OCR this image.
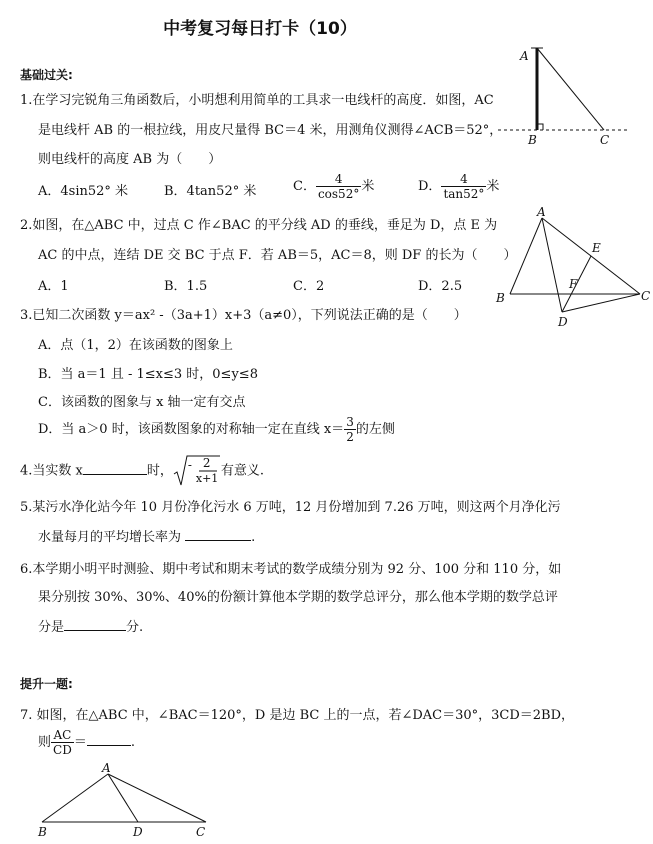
中考复习每日打卡（10）
基础过关:
1.在学习完锐角三角函数后，小明想利用简单的工具求一电线杆的高度．如图，AC
是电线杆 AB 的一根拉线，用皮尺量得 BC＝4 米，用测角仪测得∠ACB＝52°，
则电线杆的高度 AB 为（　　）
A．4sin52° 米	B．4tan52° 米	C． $\frac{4}{\cos 52^\circ}$ 米	D． $\frac{4}{\tan 52^\circ}$ 米
A
B	C
2.如图，在△ABC 中，过点 C 作∠BAC 的平分线 AD 的垂线，垂足为 D，点 E 为
AC 的中点，连结 DE 交 BC 于点 F．若 AB＝5，AC＝8，则 DF 的长为（　　）
A．1	B．1.5	C．2	D．2.5
A
B	C
D
E
F
3.已知二次函数 y＝ax² -（3a+1）x+3（a≠0），下列说法正确的是（　　）
A．点（1，2）在该函数的图象上
B．当 a＝1 且 - 1≤x≤3 时，0≤y≤8
C．该函数的图象与 x 轴一定有交点
D．当 a＞0 时，该函数图象的对称轴一定在直线 $x= \frac{3}{2}$ 的左侧
4.当实数 x	时， - 2
x+1 有意义.
5.某污水净化站今年 10 月份净化污水 6 万吨，12 月份增加到 7.26 万吨，则这两个月净化污
水量每月的平均增长率为	.
6.本学期小明平时测验、期中考试和期末考试的数学成绩分别为 92 分、100 分和 110 分，如
果分别按 30%、30%、40%的份额计算他本学期的数学总评分，那么他本学期的数学总评
分是	分.
提升一题:
7. 如图，在△ABC 中，∠BAC＝120°，D 是边 BC 上的一点，若∠DAC＝30°，3CD＝2BD，
则 $\frac{AC}{CD}$ ＝	.
A
B	D	C
